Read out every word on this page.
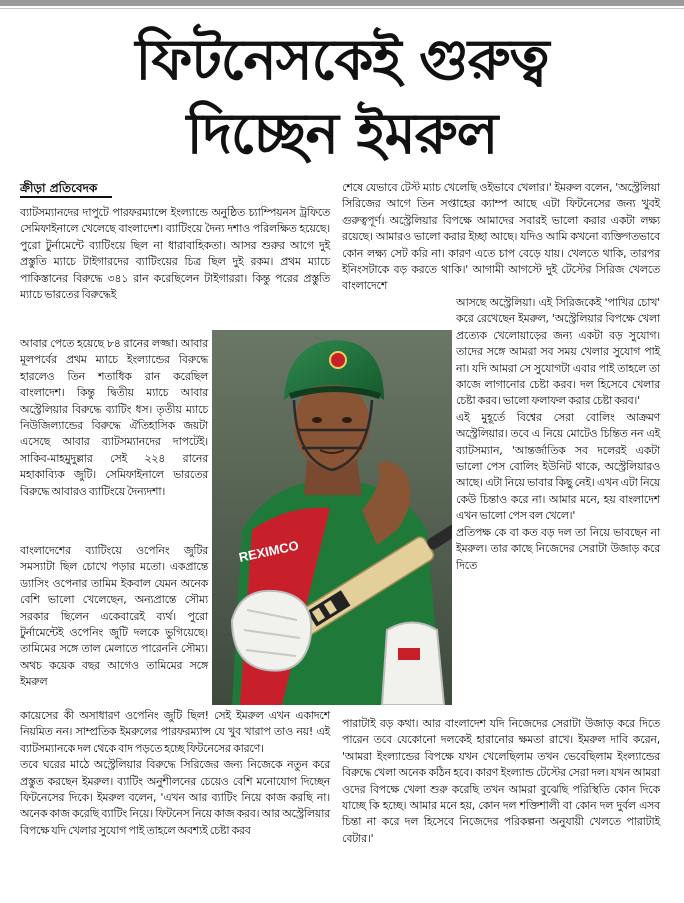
ফিটনেসকেই গুরুত্ব
দিচ্ছেন ইমরুল
ক্রীড়া প্রতিবেদক

ব্যাটসম্যানদের দাপুটে পারফরম্যান্সে ইংল্যান্ডে অনুষ্ঠিত চ্যাম্পিয়নস ট্রফিতে সেমিফাইনালে খেলেছে বাংলাদেশ। ব্যাটিংয়ে দৈন্য দশাও পরিলক্ষিত হয়েছে। পুরো টুর্নামেন্টে ব্যাটিংয়ে ছিল না ধারাবাহিকতা। আসর শুরুর আগে দুই প্রস্তুতি ম্যাচে টাইগারদের ব্যাটিংয়ের চিত্র ছিল দুই রকম। প্রথম ম্যাচে পাকিস্তানের বিরুদ্ধে ৩৪১ রান করেছিলেন টাইগাররা। কিন্তু পরের প্রস্তুতি ম্যাচে ভারতের বিরুদ্ধেই

আবার পেতে হয়েছে ৮৪ রানের লজ্জা। আবার মূলপর্বের প্রথম ম্যাচে ইংল্যান্ডের বিরুদ্ধে হারলেও তিন শতাধিক রান করেছিল বাংলাদেশ। কিন্তু দ্বিতীয় ম্যাচে আবার অস্ট্রেলিয়ার বিরুদ্ধে ব্যাটিং ধস। তৃতীয় ম্যাচে নিউজিল্যান্ডের বিরুদ্ধে ঐতিহাসিক জয়টা এসেছে আবার ব্যাটসম্যানদের দাপটেই। সাকিব-মাহমুদুল্লার সেই ২২৪ রানের মহাকাব্যিক জুটি। সেমিফাইনালে ভারতের বিরুদ্ধে আবারও ব্যাটিংয়ে দৈন্যদশা।

বাংলাদেশের ব্যাটিংয়ে ওপেনিং জুটির সমস্যাটা ছিল চোখে পড়ার মতো। একপ্রান্তে ড্যাসিং ওপেনার তামিম ইকবাল যেমন অনেক বেশি ভালো খেলেছেন, অন্যপ্রান্তে সৌম্য সরকার ছিলেন একেবারেই ব্যর্থ। পুরো টুর্নামেন্টেই ওপেনিং জুটি দলকে ভুগিয়েছে। তামিমের সঙ্গে তাল মেলাতে পারেননি সৌম্য। অথচ কয়েক বছর আগেও তামিমের সঙ্গে ইমরুল

কায়েসের কী অসাধারণ ওপেনিং জুটি ছিল! সেই ইমরুল এখন একাদশে নিয়মিত নন। সাম্প্রতিক ইমরুলের পারফরম্যান্স যে খুব খারাপ তাও নয়! এই ব্যাটসম্যানকে দল থেকে বাদ পড়তে হচ্ছে ফিটনেসের কারণে।

তবে ঘরের মাঠে অস্ট্রেলিয়ার বিরুদ্ধে সিরিজের জন্য নিজেকে নতুন করে প্রস্তুত করছেন ইমরুল। ব্যাটিং অনুশীলনের চেয়েও বেশি মনোযোগ দিচ্ছেন ফিটনেসের দিকে। ইমরুল বলেন, 'এখন আর ব্যাটিং নিয়ে কাজ করছি না। অনেক কাজ করেছি ব্যাটিং নিয়ে। ফিটনেস নিয়ে কাজ করব। আর অস্ট্রেলিয়ার বিপক্ষে যদি খেলার সুযোগ পাই তাহলে অবশ্যই চেষ্টা করব

শেষে যেভাবে টেস্ট ম্যাচ খেলেছি ওইভাবে খেলার।' ইমরুল বলেন, 'অস্ট্রেলিয়া সিরিজের আগে তিন সপ্তাহের ক্যাম্প আছে এটা ফিটনেসের জন্য খুবই গুরুত্বপূর্ণ। অস্ট্রেলিয়ার বিপক্ষে আমাদের সবারই ভালো করার একটা লক্ষ্য রয়েছে। আমারও ভালো করার ইচ্ছা আছে। যদিও আমি কখনো ব্যক্তিগতভাবে কোন লক্ষ্য সেট করি না। কারণ এতে চাপ বেড়ে যায়। খেলতে থাকি, তারপর ইনিংসটাকে বড় করতে থাকি।' আগামী আগস্টে দুই টেস্টের সিরিজ খেলতে বাংলাদেশে

আসছে অস্ট্রেলিয়া। এই সিরিজকেই 'পাখির চোখ' করে রেখেছেন ইমরুল, 'অস্ট্রেলিয়ার বিপক্ষে খেলা প্রত্যেক খেলোয়াড়ের জন্য একটা বড় সুযোগ। তাদের সঙ্গে আমরা সব সময় খেলার সুযোগ পাই না। যদি আমরা সে সুযোগটা এবার পাই তাহলে তা কাজে লাগানোর চেষ্টা করব। দল হিসেবে খেলার চেষ্টা করব। ভালো ফলাফল করার চেষ্টা করব।'

এই মুহূর্তে বিশ্বের সেরা বোলিং আক্রমণ অস্ট্রেলিয়ার। তবে এ নিয়ে মোটেও চিন্তিত নন এই ব্যাটসম্যান, 'আন্তর্জাতিক সব দলেরই একটা ভালো পেস বোলিং ইউনিট থাকে, অস্ট্রেলিয়ারও আছে। এটা নিয়ে ভাবার কিছু নেই। এখন এটা নিয়ে কেউ চিন্তাও করে না। আমার মনে, হয় বাংলাদেশ এখন ভালো পেস বল খেলে।'

প্রতিপক্ষ কে বা কত বড় দল তা নিয়ে ভাবছেন না ইমরুল। তার কাছে নিজেদের সেরাটা উজাড় করে দিতে

পারাটাই বড় কথা। আর বাংলাদেশ যদি নিজেদের সেরাটা উজাড় করে দিতে পারেন তবে যেকোনো দলকেই হারানোর ক্ষমতা রাখে। ইমরুল দাবি করেন, 'আমরা ইংল্যান্ডের বিপক্ষে যখন খেলেছিলাম তখন ভেবেছিলাম ইংল্যান্ডের বিরুদ্ধে খেলা অনেক কঠিন হবে। কারণ ইংল্যান্ড টেস্টের সেরা দল। যখন আমরা ওদের বিপক্ষে খেলা শুরু করেছি তখন আমরা বুঝেছি পরিস্থিতি কোন দিকে যাচ্ছে কি হচ্ছে। আমার মনে হয়, কোন দল শক্তিশালী বা কোন দল দুর্বল এসব চিন্তা না করে দল হিসেবে নিজেদের পরিকল্পনা অনুযায়ী খেলতে পারাটাই বেটার।'

REXIMCO
